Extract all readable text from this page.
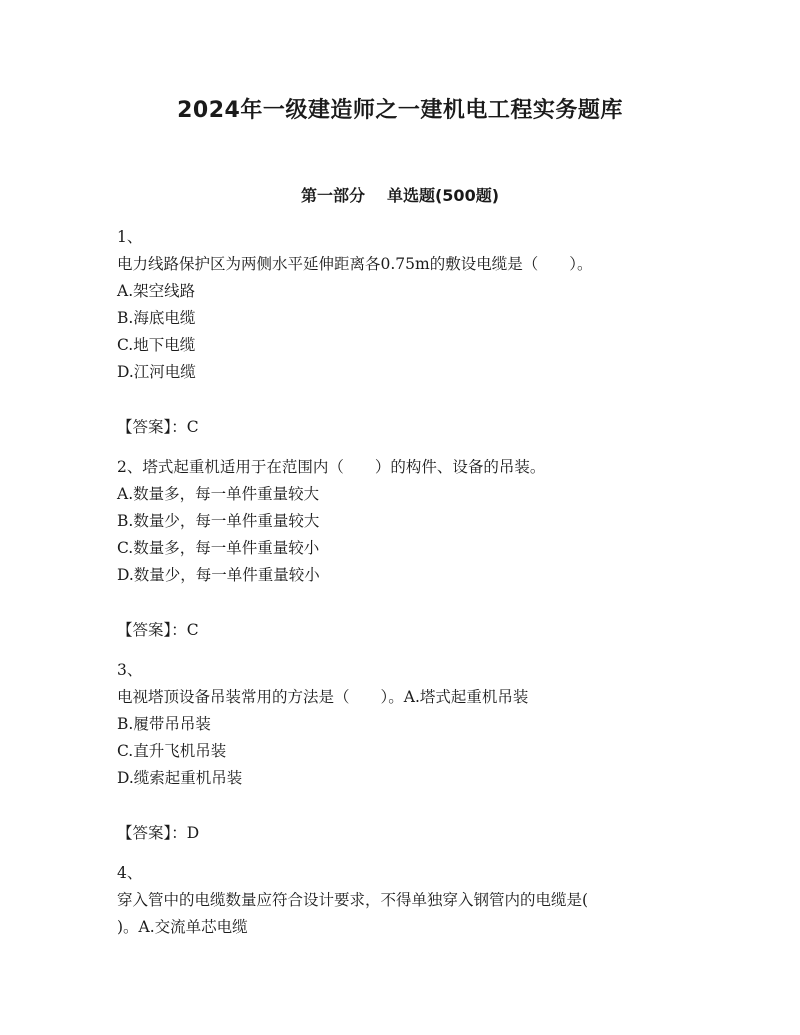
2024年一级建造师之一建机电工程实务题库
第一部分 单选题(500题)
1、
电力线路保护区为两侧水平延伸距离各0.75m的敷设电缆是（　　）。
A.架空线路
B.海底电缆
C.地下电缆
D.江河电缆
【答案】：C
2、塔式起重机适用于在范围内（　　）的构件、设备的吊装。
A.数量多，每一单件重量较大
B.数量少，每一单件重量较大
C.数量多，每一单件重量较小
D.数量少，每一单件重量较小
【答案】：C
3、
电视塔顶设备吊装常用的方法是（　　）。A.塔式起重机吊装
B.履带吊吊装
C.直升飞机吊装
D.缆索起重机吊装
【答案】：D
4、
穿入管中的电缆数量应符合设计要求，不得单独穿入钢管内的电缆是(
)。A.交流单芯电缆
